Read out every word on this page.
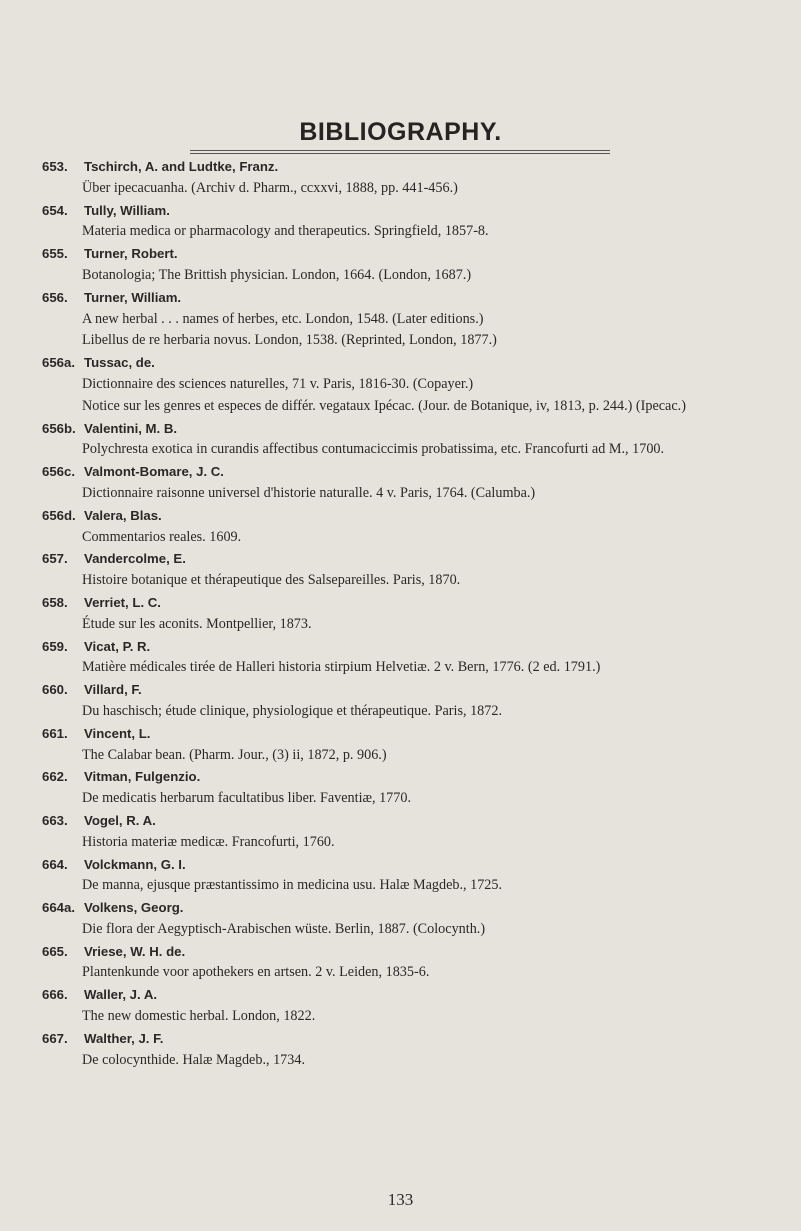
BIBLIOGRAPHY.
653. Tschirch, A. and Ludtke, Franz.
Über ipecacuanha. (Archiv d. Pharm., ccxxvi, 1888, pp. 441-456.)
654. Tully, William.
Materia medica or pharmacology and therapeutics. Springfield, 1857-8.
655. Turner, Robert.
Botanologia; The Brittish physician. London, 1664. (London, 1687.)
656. Turner, William.
A new herbal . . . names of herbes, etc. London, 1548. (Later editions.)
Libellus de re herbaria novus. London, 1538. (Reprinted, London, 1877.)
656a. Tussac, de.
Dictionnaire des sciences naturelles, 71 v. Paris, 1816-30. (Copayer.)
Notice sur les genres et especes de différ. vegataux Ipécac. (Jour. de Botanique, iv, 1813, p. 244.) (Ipecac.)
656b. Valentini, M. B.
Polychresta exotica in curandis affectibus contumaciccimis probatissima, etc. Francofurti ad M., 1700.
656c. Valmont-Bomare, J. C.
Dictionnaire raisonne universel d'historie naturalle. 4 v. Paris, 1764. (Calumba.)
656d. Valera, Blas.
Commentarios reales. 1609.
657. Vandercolme, E.
Histoire botanique et thérapeutique des Salsepareilles. Paris, 1870.
658. Verriet, L. C.
Étude sur les aconits. Montpellier, 1873.
659. Vicat, P. R.
Matière médicales tirée de Halleri historia stirpium Helvetiæ. 2 v. Bern, 1776. (2 ed. 1791.)
660. Villard, F.
Du haschisch; étude clinique, physiologique et thérapeutique. Paris, 1872.
661. Vincent, L.
The Calabar bean. (Pharm. Jour., (3) ii, 1872, p. 906.)
662. Vitman, Fulgenzio.
De medicatis herbarum facultatibus liber. Faventiæ, 1770.
663. Vogel, R. A.
Historia materiæ medicæ. Francofurti, 1760.
664. Volckmann, G. I.
De manna, ejusque præstantissimo in medicina usu. Halæ Magdeb., 1725.
664a. Volkens, Georg.
Die flora der Aegyptisch-Arabischen wüste. Berlin, 1887. (Colocynth.)
665. Vriese, W. H. de.
Plantenkunde voor apothekers en artsen. 2 v. Leiden, 1835-6.
666. Waller, J. A.
The new domestic herbal. London, 1822.
667. Walther, J. F.
De colocynthide. Halæ Magdeb., 1734.
133
